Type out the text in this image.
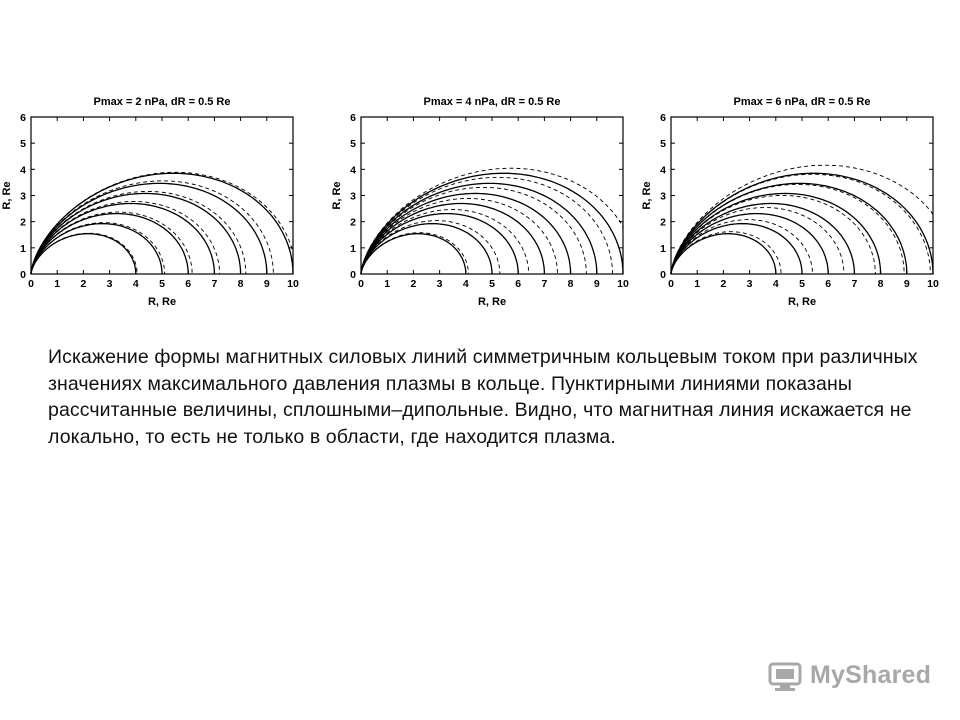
Pmax = 2 nPa, dR = 0.5 Re
0 1 2 3 4 5 6 7 8 9 10
0
1
2
3
4
5
6
R, Re
R, Re
Pmax = 4 nPa, dR = 0.5 Re
0 1 2 3 4 5 6 7 8 9 10
0
1
2
3
4
5
6
R, Re
R, Re
Pmax = 6 nPa, dR = 0.5 Re
0 1 2 3 4 5 6 7 8 9 10
0
1
2
3
4
5
6
R, Re
R, Re

Искажение формы магнитных силовых линий симметричным кольцевым током при различных значениях максимального давления плазмы в кольце. Пунктирными линиями показаны рассчитанные величины, сплошными–дипольные. Видно, что магнитная линия искажается не локально, то есть не только в области, где находится плазма.

MyShared
